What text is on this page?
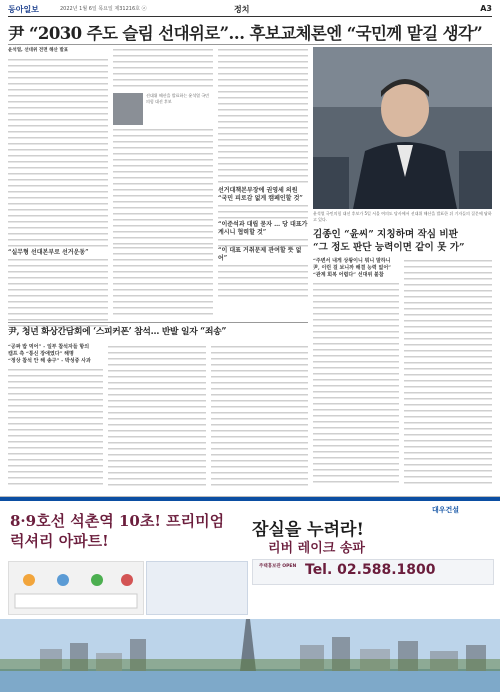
동아일보	2022년 1월 6일 목요일 제31216호 ⓐ	정치	A3
尹 “2030 주도 슬림 선대위로”… 후보교체론엔 “국민께 맡길 생각”
윤석열, 선대위 전면 해산 발표
“실무형 선대본부로 선거운동”
선대위 해산을 발표하는 윤석열 국민의힘 대선 후보
선거대책본부장에 권영세 의원
“국민 피로감 없게 캠페인할 것”
“이준석과 대립 묻자 … 당 대표가 계시니 협력할 것”
“이 대표 거취문제 관여할 뜻 없어”
윤석열 국민의힘 대선 후보가 5일 서울 여의도 당사에서 선대위 해산을 발표한 뒤 기자들의 질문에 답하고 있다.
김종인 “윤씨” 지칭하며 작심 비판
“그 정도 판단 능력이면 같이 못 가”
“주변서 내게 상왕이니 뭐니 말하니
尹, 이런 걸 보니까 해결 능력 없어”
“관계 회복 어렵다” 선대위 불참
尹, 청년 화상간담회에 ‘스피커폰’ 참석… 반발 일자 “죄송”
“공짜 밥 먹어” - 일부 참석자들 항의
캠프 측 “통신 장애였다” 해명
“정상 참석 안 해 송구” - 박성중 사과
대우건설
8·9호선 석촌역 10초! 프리미엄 럭셔리 아파트!
잠실을 누려라!
리버 레이크 송파
주택홍보관 OPEN Tel. 02.588.1800
